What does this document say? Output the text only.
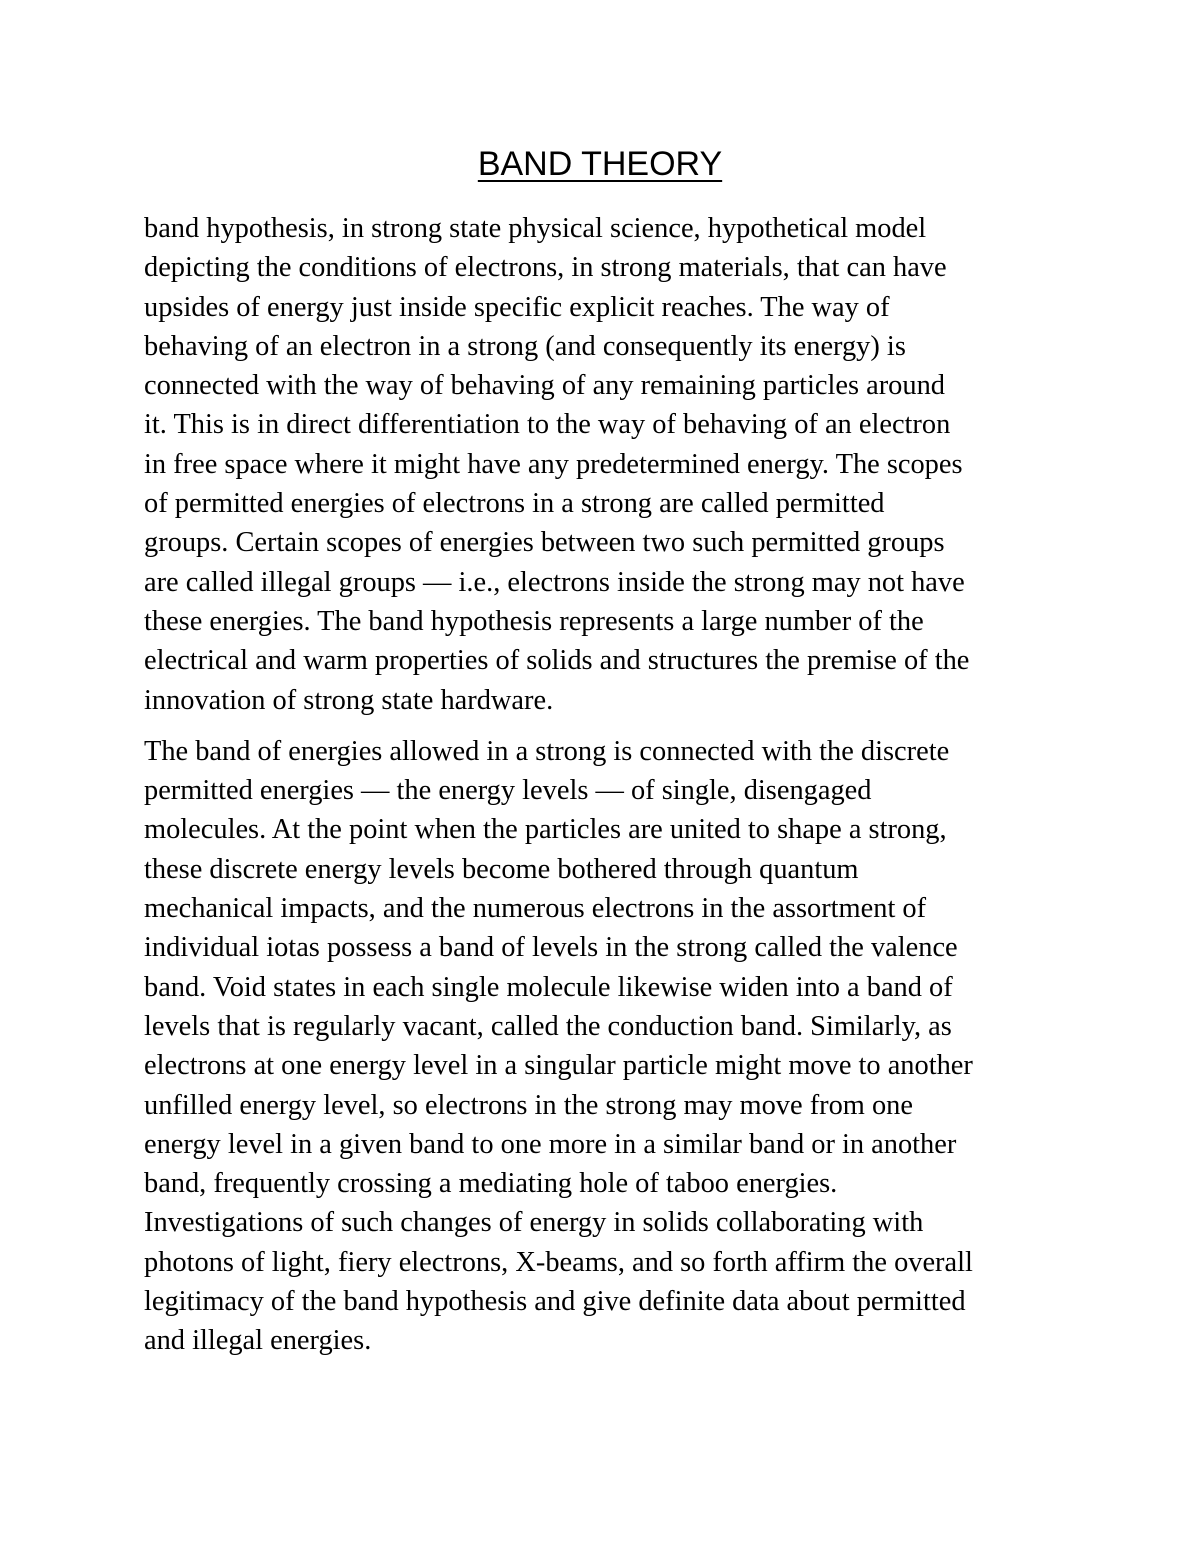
BAND THEORY

band hypothesis, in strong state physical science, hypothetical model
depicting the conditions of electrons, in strong materials, that can have
upsides of energy just inside specific explicit reaches. The way of
behaving of an electron in a strong (and consequently its energy) is
connected with the way of behaving of any remaining particles around
it. This is in direct differentiation to the way of behaving of an electron
in free space where it might have any predetermined energy. The scopes
of permitted energies of electrons in a strong are called permitted
groups. Certain scopes of energies between two such permitted groups
are called illegal groups — i.e., electrons inside the strong may not have
these energies. The band hypothesis represents a large number of the
electrical and warm properties of solids and structures the premise of the
innovation of strong state hardware.

The band of energies allowed in a strong is connected with the discrete
permitted energies — the energy levels — of single, disengaged
molecules. At the point when the particles are united to shape a strong,
these discrete energy levels become bothered through quantum
mechanical impacts, and the numerous electrons in the assortment of
individual iotas possess a band of levels in the strong called the valence
band. Void states in each single molecule likewise widen into a band of
levels that is regularly vacant, called the conduction band. Similarly, as
electrons at one energy level in a singular particle might move to another
unfilled energy level, so electrons in the strong may move from one
energy level in a given band to one more in a similar band or in another
band, frequently crossing a mediating hole of taboo energies.
Investigations of such changes of energy in solids collaborating with
photons of light, fiery electrons, X-beams, and so forth affirm the overall
legitimacy of the band hypothesis and give definite data about permitted
and illegal energies.
